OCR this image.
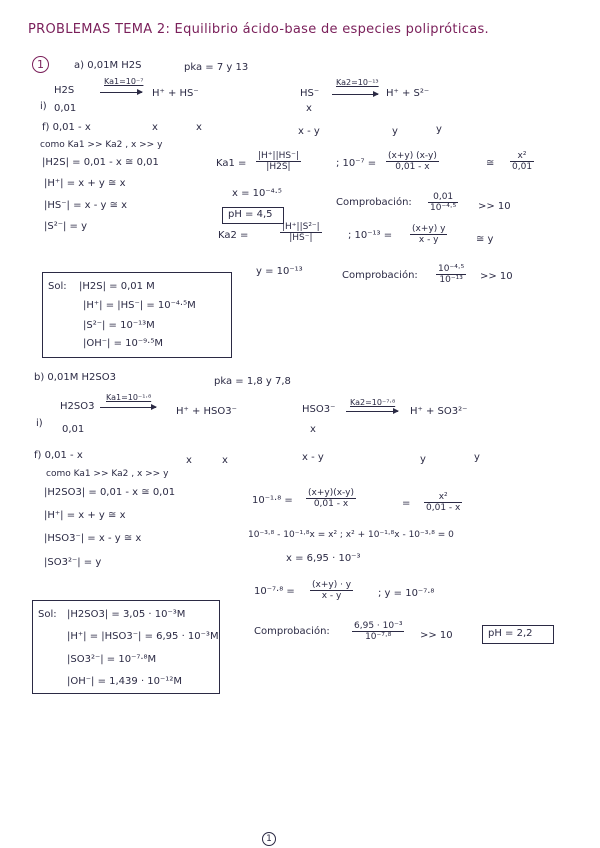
PROBLEMAS TEMA 2: Equilibrio ácido-base de especies polipróticas.
1	a) 0,01M H2S	pka = 7 y 13
H2S
Ka1=10⁻⁷
H⁺ + HS⁻	HS⁻
Ka2=10⁻¹³
H⁺ + S²⁻
i) 0,01	x
f) 0,01 - x	x	x	x - y	y	y
como Ka1 >> Ka2 , x >> y
|H2S| = 0,01 - x ≅ 0,01
|H⁺| = x + y ≅ x
|HS⁻| = x - y ≅ x
|S²⁻| = y
$Ka1 = \frac{|H^+||HS^-|}{|H2S|}$	; $10^{-7} = \frac{(x+y) (x-y)}{0,01 - x}$	≅ $\frac{\text{x²}}{0,01}$
x = 10⁻⁴·⁵
pH = 4,5
Comprobación: $\frac{0,01}{\text{10⁻⁴·⁵}} >> 10$
Ka2 =	$\frac{\text{|H⁺||S²⁻|}}{|HS^-|}$	; $10^{-13} = \frac{(x+y) y}{x - y}$	≅ y
y = 10⁻¹³	Comprobación: $\frac{\text{10⁻⁴·⁵}}{\text{10⁻¹³}} >> 10$
Sol: |H2S| = 0,01 M
|H⁺| = |HS⁻| = 10⁻⁴·⁵M
|S²⁻| = 10⁻¹³M
|OH⁻| = 10⁻⁹·⁵M
b) 0,01M H2SO3	pka = 1,8 y 7,8
H2SO3
Ka1=10⁻¹·⁸
H⁺ + HSO3⁻	HSO3⁻
Ka2=10⁻⁷·⁸
H⁺ + SO3²⁻
i)
0,01	x
f) 0,01 - x	x	x	x - y	y	y
como Ka1 >> Ka2 , x >> y
|H2SO3| = 0,01 - x ≅ 0,01
|H⁺| = x + y ≅ x
|HSO3⁻| = x - y ≅ x
|SO3²⁻| = y
$10^{-1}\cdot^8 = \frac{(x+y)(x-y)}{0,01 - x}$	= $\frac{\text{x²}}{0,01 - x}$
10⁻³·⁸ - 10⁻¹·⁸x = x² ; x² + 10⁻¹·⁸x - 10⁻³·⁸ = 0
x = 6,95 · 10⁻³
$10^{-7}\cdot^8 = \frac{(x+y) \cdot y}{x - y}$ ; y = 10⁻⁷·⁸
Comprobación: $\frac{\text{6,95 · 10⁻³}}{\text{10⁻⁷·⁸}} >> 10$	pH = 2,2
Sol: |H2SO3| = 3,05 · 10⁻³M
|H⁺| = |HSO3⁻| = 6,95 · 10⁻³M
|SO3²⁻| = 10⁻⁷·⁸M
|OH⁻| = 1,439 · 10⁻¹²M
1
